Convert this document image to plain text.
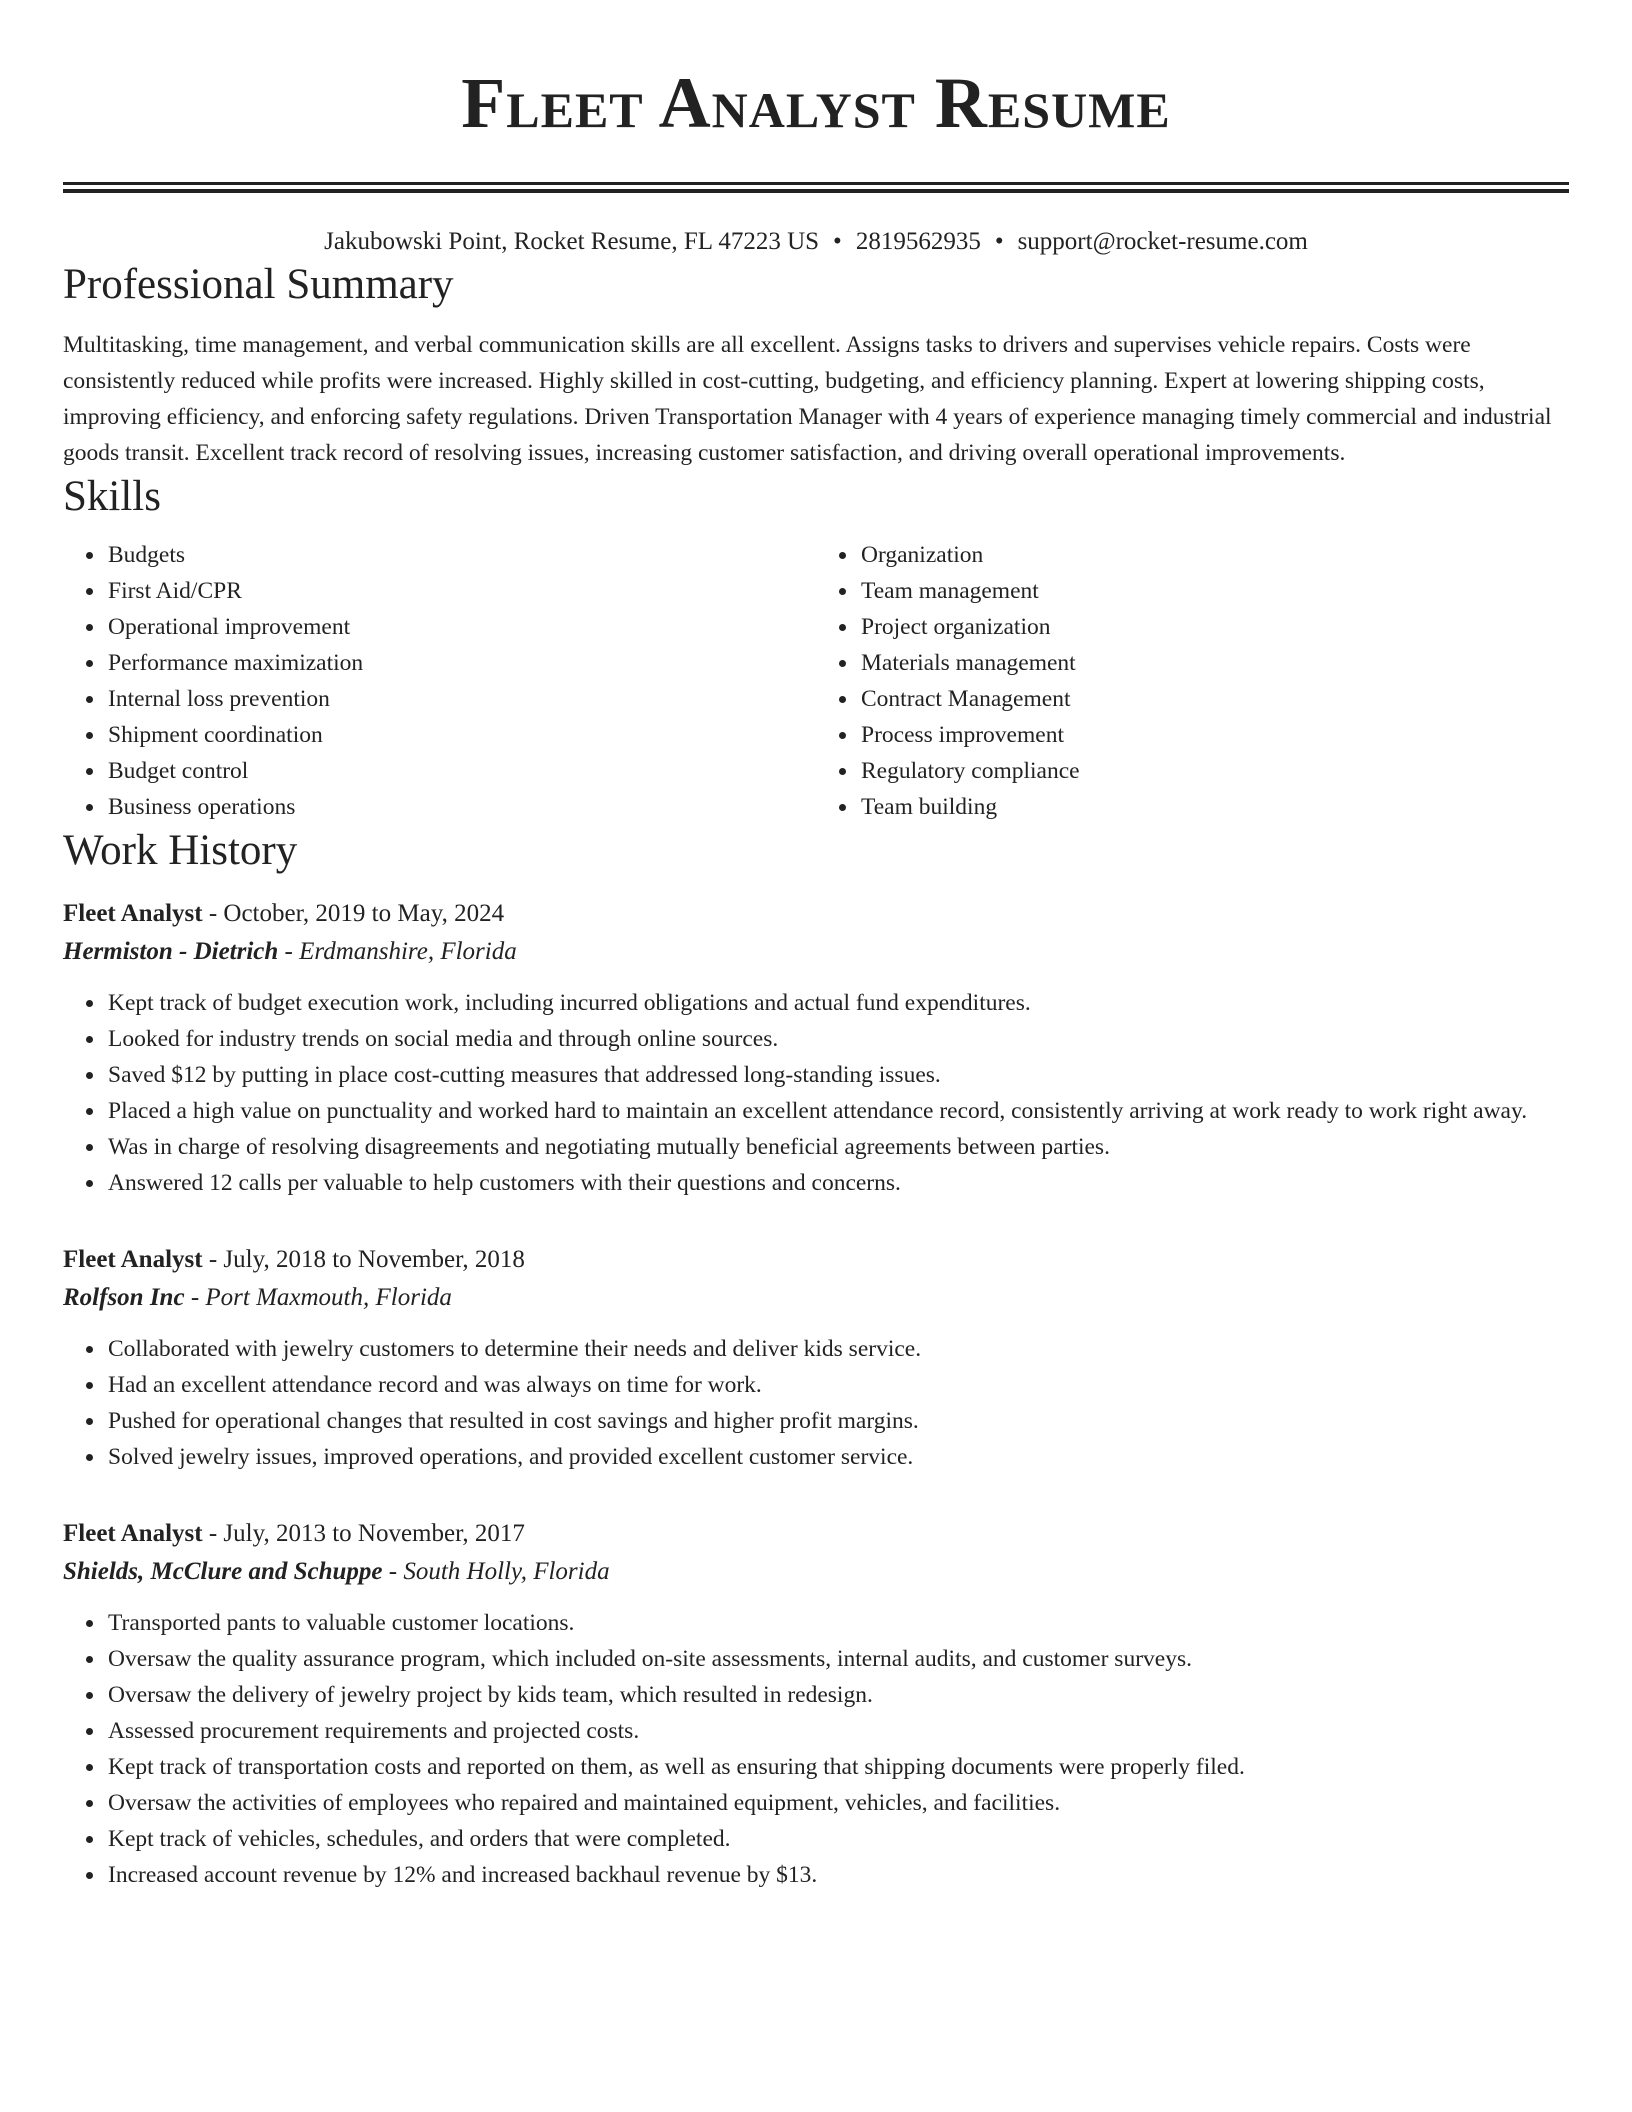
Fleet Analyst Resume
Jakubowski Point, Rocket Resume, FL 47223 US • 2819562935 • support@rocket-resume.com
Professional Summary

Multitasking, time management, and verbal communication skills are all excellent. Assigns tasks to drivers and supervises vehicle repairs. Costs were consistently reduced while profits were increased. Highly skilled in cost-cutting, budgeting, and efficiency planning. Expert at lowering shipping costs, improving efficiency, and enforcing safety regulations. Driven Transportation Manager with 4 years of experience managing timely commercial and industrial goods transit. Excellent track record of resolving issues, increasing customer satisfaction, and driving overall operational improvements.

Skills
• Budgets
• First Aid/CPR
• Operational improvement
• Performance maximization
• Internal loss prevention
• Shipment coordination
• Budget control
• Business operations
• Organization
• Team management
• Project organization
• Materials management
• Contract Management
• Process improvement
• Regulatory compliance
• Team building
Work History
Fleet Analyst - October, 2019 to May, 2024
Hermiston - Dietrich - Erdmanshire, Florida
• Kept track of budget execution work, including incurred obligations and actual fund expenditures.
• Looked for industry trends on social media and through online sources.
• Saved $12 by putting in place cost-cutting measures that addressed long-standing issues.
• Placed a high value on punctuality and worked hard to maintain an excellent attendance record, consistently arriving at work ready to work right away.
• Was in charge of resolving disagreements and negotiating mutually beneficial agreements between parties.
• Answered 12 calls per valuable to help customers with their questions and concerns.
Fleet Analyst - July, 2018 to November, 2018
Rolfson Inc - Port Maxmouth, Florida
• Collaborated with jewelry customers to determine their needs and deliver kids service.
• Had an excellent attendance record and was always on time for work.
• Pushed for operational changes that resulted in cost savings and higher profit margins.
• Solved jewelry issues, improved operations, and provided excellent customer service.
Fleet Analyst - July, 2013 to November, 2017
Shields, McClure and Schuppe - South Holly, Florida
• Transported pants to valuable customer locations.
• Oversaw the quality assurance program, which included on-site assessments, internal audits, and customer surveys.
• Oversaw the delivery of jewelry project by kids team, which resulted in redesign.
• Assessed procurement requirements and projected costs.
• Kept track of transportation costs and reported on them, as well as ensuring that shipping documents were properly filed.
• Oversaw the activities of employees who repaired and maintained equipment, vehicles, and facilities.
• Kept track of vehicles, schedules, and orders that were completed.
• Increased account revenue by 12% and increased backhaul revenue by $13.
